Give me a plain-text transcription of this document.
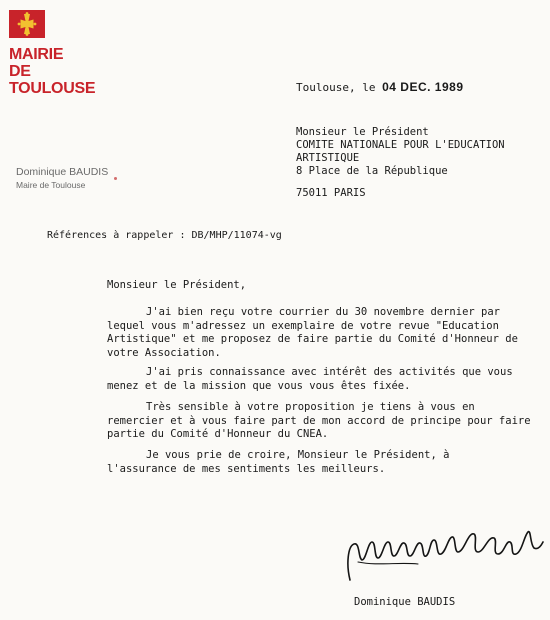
MAIRIE
DE
TOULOUSE
Dominique BAUDIS
Maire de Toulouse
Toulouse, le 04 DEC. 1989
Monsieur le Président
COMITE NATIONALE POUR L'EDUCATION
ARTISTIQUE
8 Place de la République
75011 PARIS
Références à rappeler : DB/MHP/11074-vg
Monsieur le Président,
J'ai bien reçu votre courrier du 30 novembre dernier par
lequel vous m'adressez un exemplaire de votre revue "Education
Artistique" et me proposez de faire partie du Comité d'Honneur de
votre Association.
J'ai pris connaissance avec intérêt des activités que vous
menez et de la mission que vous vous êtes fixée.
Très sensible à votre proposition je tiens à vous en
remercier et à vous faire part de mon accord de principe pour faire
partie du Comité d'Honneur du CNEA.
Je vous prie de croire, Monsieur le Président, à
l'assurance de mes sentiments les meilleurs.
Dominique BAUDIS
